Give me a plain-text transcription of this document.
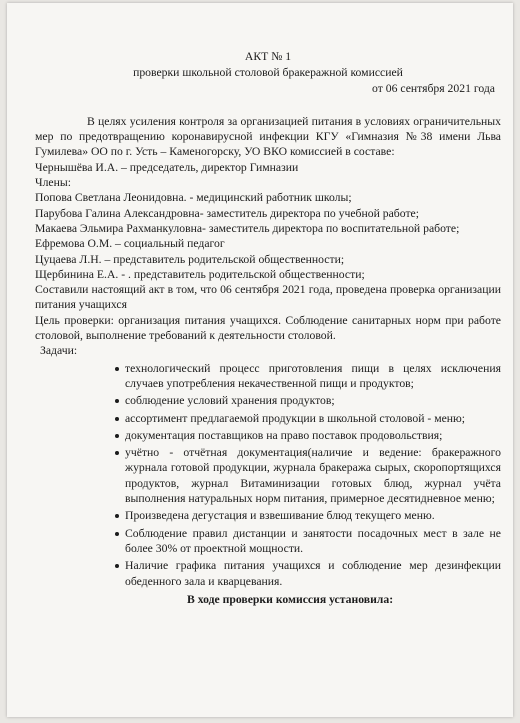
АКТ № 1
проверки школьной столовой бракеражной комиссией
от 06 сентября 2021 года

В целях усиления контроля за организацией питания в условиях ограничительных мер по предотвращению коронавирусной инфекции КГУ «Гимназия №38 имени Льва Гумилева» ОО по г. Усть – Каменогорску, УО ВКО комиссией в составе:

Чернышёва И.А. – председатель, директор Гимназии

Члены:

Попова Светлана Леонидовна. - медицинский работник школы;

Парубова Галина Александровна- заместитель директора по учебной работе;

Макаева Эльмира Рахманкуловна- заместитель директора по воспитательной работе;

Ефремова О.М. – социальный педагог

Цуцаева Л.Н. – представитель родительской общественности;

Щербинина Е.А. - . представитель родительской общественности;

Составили настоящий акт в том, что 06 сентября 2021 года, проведена проверка организации питания учащихся

Цель проверки: организация питания учащихся. Соблюдение санитарных норм при работе столовой, выполнение требований к деятельности столовой.

Задачи:

технологический процесс приготовления пищи в целях исключения случаев употребления некачественной пищи и продуктов;
соблюдение условий хранения продуктов;
ассортимент предлагаемой продукции в школьной столовой - меню;
документация поставщиков на право поставок продовольствия;
учётно - отчётная документация(наличие и ведение: бракеражного журнала готовой продукции, журнала бракеража сырых, скоропортящихся продуктов, журнал Витаминизации готовых блюд, журнал учёта выполнения натуральных норм питания, примерное десятидневное меню;
Произведена дегустация и взвешивание блюд текущего меню.
Соблюдение правил дистанции и занятости посадочных мест в зале не более 30% от проектной мощности.
Наличие графика питания учащихся и соблюдение мер дезинфекции обеденного зала и кварцевания.

В ходе проверки комиссия установила:
